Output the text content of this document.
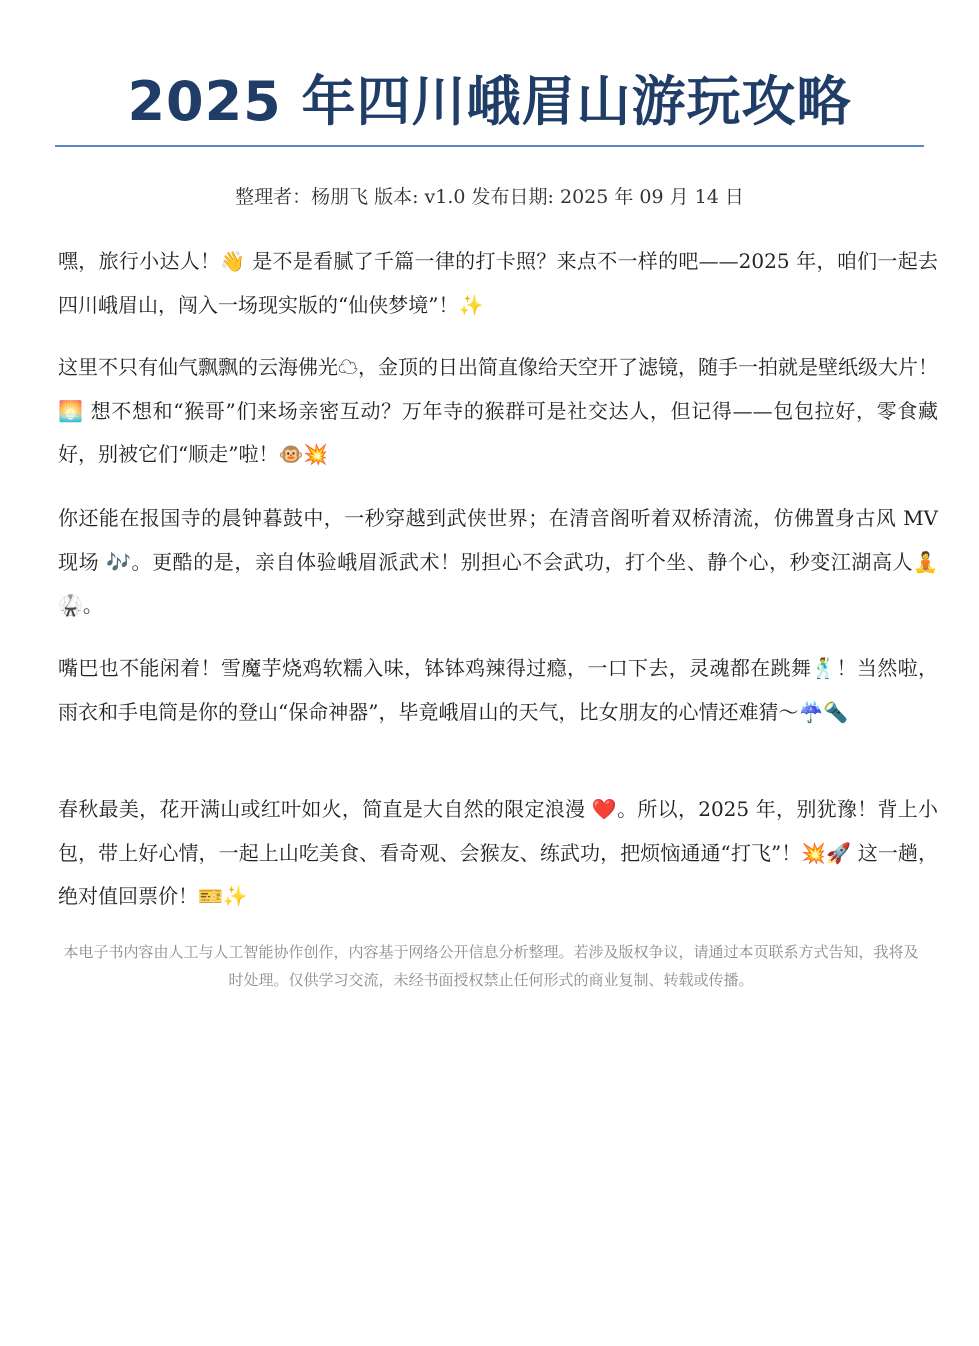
2025 年四川峨眉山游玩攻略
整理者：杨朋飞 版本: v1.0 发布日期: 2025 年 09 月 14 日

嘿，旅行小达人！👋 是不是看腻了千篇一律的打卡照？来点不一样的吧——2025 年，咱们一起去四川峨眉山，闯入一场现实版的“仙侠梦境”！✨

这里不只有仙气飘飘的云海佛光☁，金顶的日出简直像给天空开了滤镜，随手一拍就是壁纸级大片！🌅 想不想和“猴哥”们来场亲密互动？万年寺的猴群可是社交达人，但记得——包包拉好，零食藏好，别被它们“顺走”啦！🐵💥

你还能在报国寺的晨钟暮鼓中，一秒穿越到武侠世界；在清音阁听着双桥清流，仿佛置身古风 MV 现场 🎶。更酷的是，亲自体验峨眉派武术！别担心不会武功，打个坐、静个心，秒变江湖高人🧘🥋。

嘴巴也不能闲着！雪魔芋烧鸡软糯入味，钵钵鸡辣得过瘾，一口下去，灵魂都在跳舞🕺！当然啦，雨衣和手电筒是你的登山“保命神器”，毕竟峨眉山的天气，比女朋友的心情还难猜～☔🔦

春秋最美，花开满山或红叶如火，简直是大自然的限定浪漫 ❤️。所以，2025 年，别犹豫！背上小包，带上好心情，一起上山吃美食、看奇观、会猴友、练武功，把烦恼通通“打飞”！💥🚀 这一趟，绝对值回票价！🎫✨

本电子书内容由人工与人工智能协作创作，内容基于网络公开信息分析整理。若涉及版权争议，请通过本页联系方式告知，我将及时处理。仅供学习交流，未经书面授权禁止任何形式的商业复制、转载或传播。
